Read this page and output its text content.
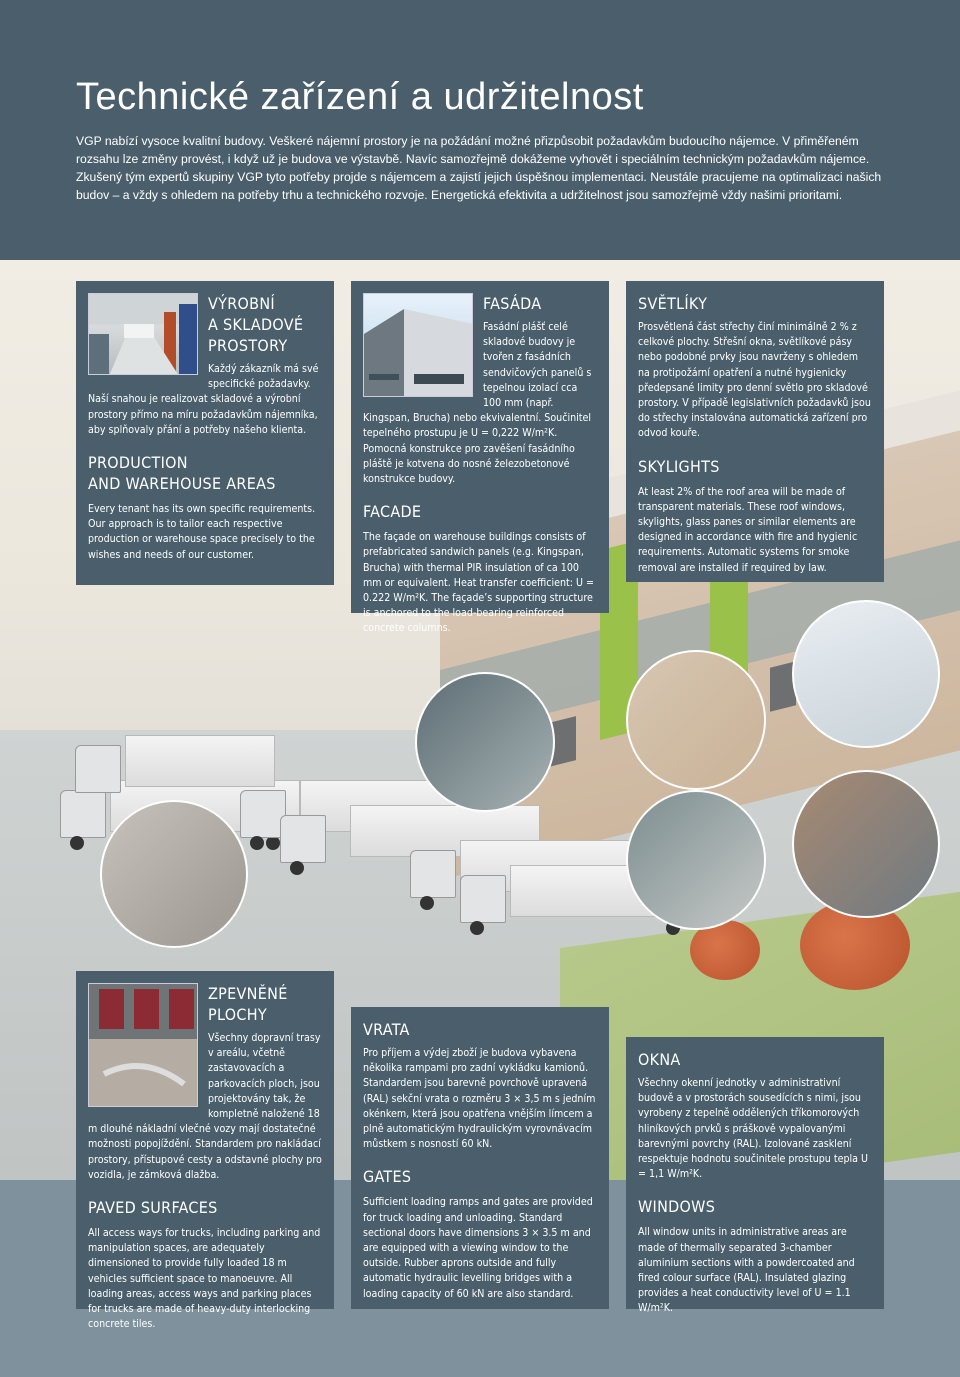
Technické zařízení a udržitelnost

VGP nabízí vysoce kvalitní budovy. Veškeré nájemní prostory je na požádání možné přizpůsobit požadavkům budoucího nájemce. V přiměřeném rozsahu lze změny provést, i když už je budova ve výstavbě. Navíc samozřejmě dokážeme vyhovět i speciálním technickým požadavkům nájemce. Zkušený tým expertů skupiny VGP tyto potřeby projde s nájemcem a zajistí jejich úspěšnou implementaci. Neustále pracujeme na optimalizaci našich budov – a vždy s ohledem na potřeby trhu a technického rozvoje. Energetická efektivita a udržitelnost jsou samozřejmě vždy našimi prioritami.

VÝROBNÍ
A SKLADOVÉ
PROSTORY

Každý zákazník má své specifické požadavky. Naší snahou je realizovat skladové a výrobní prostory přímo na míru požadavkům nájemníka, aby splňovaly přání a potřeby našeho klienta.

PRODUCTION
AND WAREHOUSE AREAS

Every tenant has its own specific requirements. Our approach is to tailor each respective production or warehouse space precisely to the wishes and needs of our customer.

FASÁDA

Fasádní plášť celé skladové budovy je tvořen z fasádních sendvičových panelů s tepelnou izolací cca 100 mm (např. Kingspan, Brucha) nebo ekvivalentní. Součinitel tepelného prostupu je U = 0,222 W/m²K. Pomocná konstrukce pro zavěšení fasádního pláště je kotvena do nosné železobetonové konstrukce budovy.

FACADE

The façade on warehouse buildings consists of prefabricated sandwich panels (e.g. Kingspan, Brucha) with thermal PIR insulation of ca 100 mm or equivalent. Heat transfer coefficient: U = 0.222 W/m²K. The façade’s supporting structure is anchored to the load-bearing reinforced concrete columns.

SVĚTLÍKY

Prosvětlená část střechy činí minimálně 2 % z celkové plochy. Střešní okna, světlíkové pásy nebo podobné prvky jsou navrženy s ohledem na protipožární opatření a nutné hygienicky předepsané limity pro denní světlo pro skladové prostory. V případě legislativních požadavků jsou do střechy instalována automatická zařízení pro odvod kouře.

SKYLIGHTS

At least 2% of the roof area will be made of transparent materials. These roof windows, skylights, glass panes or similar elements are designed in accordance with fire and hygienic requirements. Automatic systems for smoke removal are installed if required by law.

ZPEVNĚNÉ
PLOCHY

Všechny dopravní trasy v areálu, včetně zastavovacích a parkovacích ploch, jsou projektovány tak, že kompletně naložené 18 m dlouhé nákladní vlečné vozy mají dostatečné možnosti popojíždění. Standardem pro nakládací prostory, přístupové cesty a odstavné plochy pro vozidla, je zámková dlažba.

PAVED SURFACES

All access ways for trucks, including parking and manipulation spaces, are adequately dimensioned to provide fully loaded 18 m vehicles sufficient space to manoeuvre. All loading areas, access ways and parking places for trucks are made of heavy-duty interlocking concrete tiles.

VRATA

Pro příjem a výdej zboží je budova vybavena několika rampami pro zadní vykládku kamionů. Standardem jsou barevně povrchově upravená (RAL) sekční vrata o rozměru 3 × 3,5 m s jedním okénkem, která jsou opatřena vnějším límcem a plně automatickým hydraulickým vyrovnávacím můstkem s nosností 60 kN.

GATES

Sufficient loading ramps and gates are provided for truck loading and unloading. Standard sectional doors have dimensions 3 × 3.5 m and are equipped with a viewing window to the outside. Rubber aprons outside and fully automatic hydraulic levelling bridges with a loading capacity of 60 kN are also standard.

OKNA

Všechny okenní jednotky v administrativní budově a v prostorách sousedících s nimi, jsou vyrobeny z tepelně oddělených tříkomorových hliníkových prvků s práškově vypalovanými barevnými povrchy (RAL). Izolované zasklení respektuje hodnotu součinitele prostupu tepla U = 1,1 W/m²K.

WINDOWS

All window units in administrative areas are made of thermally separated 3-chamber aluminium sections with a powdercoated and fired colour surface (RAL). Insulated glazing provides a heat conductivity level of U = 1.1 W/m²K.
